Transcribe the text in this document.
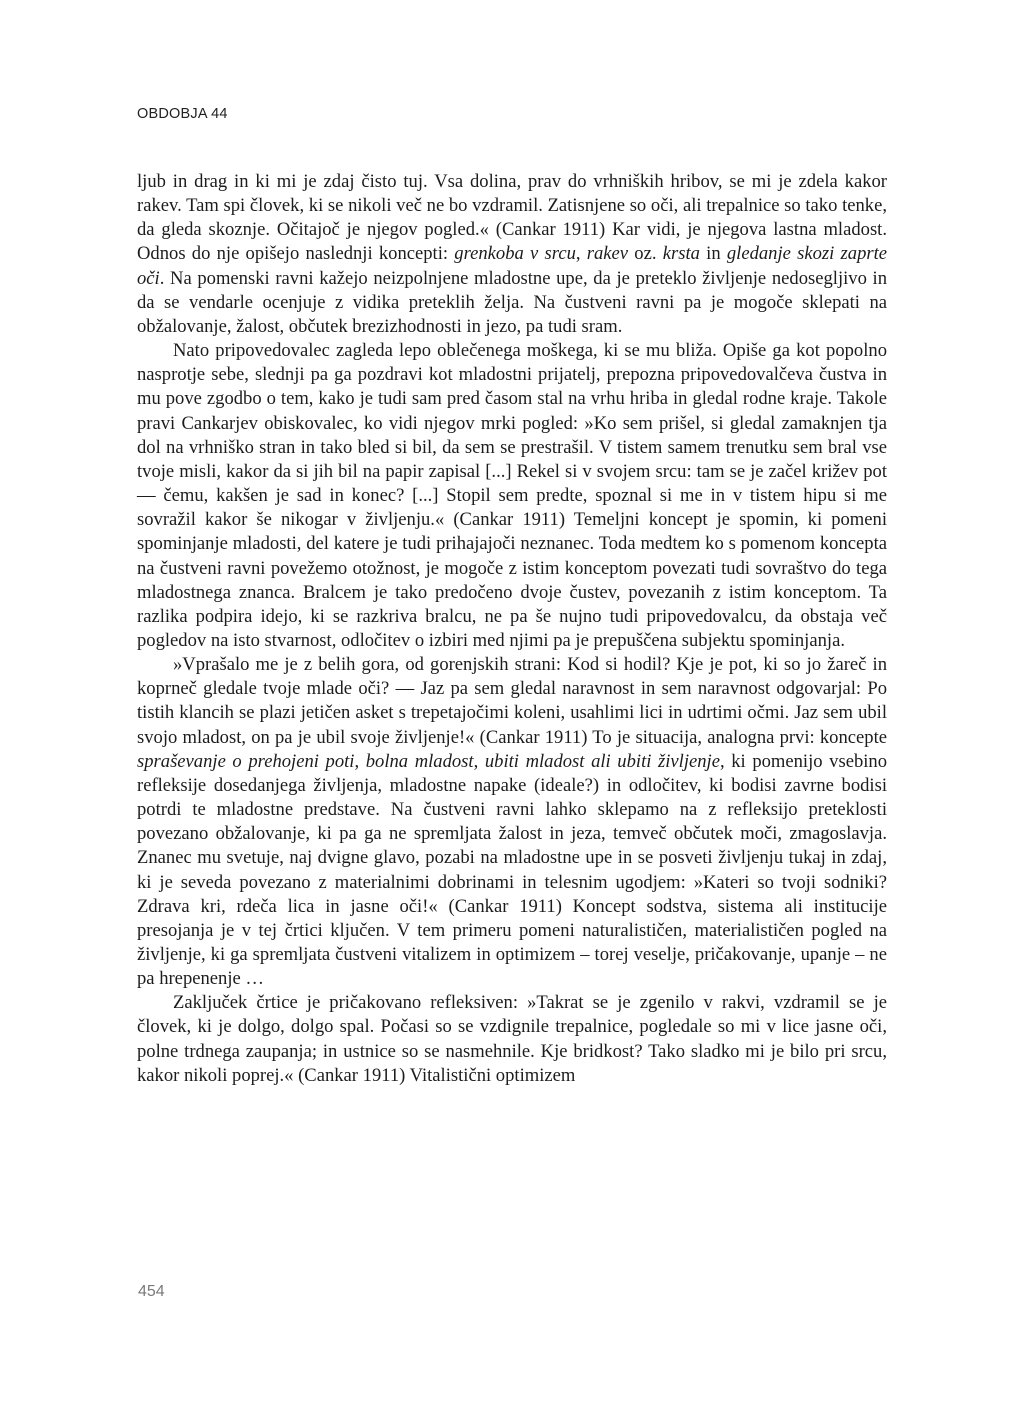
OBDOBJA 44

ljub in drag in ki mi je zdaj čisto tuj. Vsa dolina, prav do vrhniških hribov, se mi je zdela kakor rakev. Tam spi človek, ki se nikoli več ne bo vzdramil. Zatisnjene so oči, ali trepalnice so tako tenke, da gleda skoznje. Očitajoč je njegov pogled.« (Cankar 1911) Kar vidi, je njegova lastna mladost. Odnos do nje opišejo naslednji koncepti: grenkoba v srcu, rakev oz. krsta in gledanje skozi zaprte oči. Na pomenski ravni kažejo neizpolnjene mladostne upe, da je preteklo življenje nedosegljivo in da se vendarle ocenjuje z vidika preteklih želja. Na čustveni ravni pa je mogoče sklepati na obžalovanje, žalost, občutek brezizhodnosti in jezo, pa tudi sram.

Nato pripovedovalec zagleda lepo oblečenega moškega, ki se mu bliža. Opiše ga kot popolno nasprotje sebe, slednji pa ga pozdravi kot mladostni prijatelj, prepozna pripovedovalčeva čustva in mu pove zgodbo o tem, kako je tudi sam pred časom stal na vrhu hriba in gledal rodne kraje. Takole pravi Cankarjev obiskovalec, ko vidi njegov mrki pogled: »Ko sem prišel, si gledal zamaknjen tja dol na vrhniško stran in tako bled si bil, da sem se prestrašil. V tistem samem trenutku sem bral vse tvoje misli, kakor da si jih bil na papir zapisal [...] Rekel si v svojem srcu: tam se je začel križev pot — čemu, kakšen je sad in konec? [...] Stopil sem predte, spoznal si me in v tistem hipu si me sovražil kakor še nikogar v življenju.« (Cankar 1911) Temeljni koncept je spomin, ki pomeni spominjanje mladosti, del katere je tudi prihajajoči neznanec. Toda medtem ko s pomenom koncepta na čustveni ravni povežemo otožnost, je mogoče z istim konceptom povezati tudi sovraštvo do tega mladostnega znanca. Bralcem je tako predočeno dvoje čustev, povezanih z istim konceptom. Ta razlika podpira idejo, ki se razkriva bralcu, ne pa še nujno tudi pripovedovalcu, da obstaja več pogledov na isto stvarnost, odločitev o izbiri med njimi pa je prepuščena subjektu spominjanja.

»Vprašalo me je z belih gora, od gorenjskih strani: Kod si hodil? Kje je pot, ki so jo žareč in koprneč gledale tvoje mlade oči? — Jaz pa sem gledal naravnost in sem naravnost odgovarjal: Po tistih klancih se plazi jetičen asket s trepetajočimi koleni, usahlimi lici in udrtimi očmi. Jaz sem ubil svojo mladost, on pa je ubil svoje življenje!« (Cankar 1911) To je situacija, analogna prvi: koncepte spraševanje o prehojeni poti, bolna mladost, ubiti mladost ali ubiti življenje, ki pomenijo vsebino refleksije dosedanjega življenja, mladostne napake (ideale?) in odločitev, ki bodisi zavrne bodisi potrdi te mladostne predstave. Na čustveni ravni lahko sklepamo na z refleksijo preteklosti povezano obžalovanje, ki pa ga ne spremljata žalost in jeza, temveč občutek moči, zmagoslavja. Znanec mu svetuje, naj dvigne glavo, pozabi na mladostne upe in se posveti življenju tukaj in zdaj, ki je seveda povezano z materialnimi dobrinami in telesnim ugodjem: »Kateri so tvoji sodniki? Zdrava kri, rdeča lica in jasne oči!« (Cankar 1911) Koncept sodstva, sistema ali institucije presojanja je v tej črtici ključen. V tem primeru pomeni naturalističen, materialističen pogled na življenje, ki ga spremljata čustveni vitalizem in optimizem – torej veselje, pričakovanje, upanje – ne pa hrepenenje …

Zaključek črtice je pričakovano refleksiven: »Takrat se je zgenilo v rakvi, vzdramil se je človek, ki je dolgo, dolgo spal. Počasi so se vzdignile trepalnice, pogledale so mi v lice jasne oči, polne trdnega zaupanja; in ustnice so se nasmehnile. Kje bridkost? Tako sladko mi je bilo pri srcu, kakor nikoli poprej.« (Cankar 1911) Vitalistični optimizem

454
